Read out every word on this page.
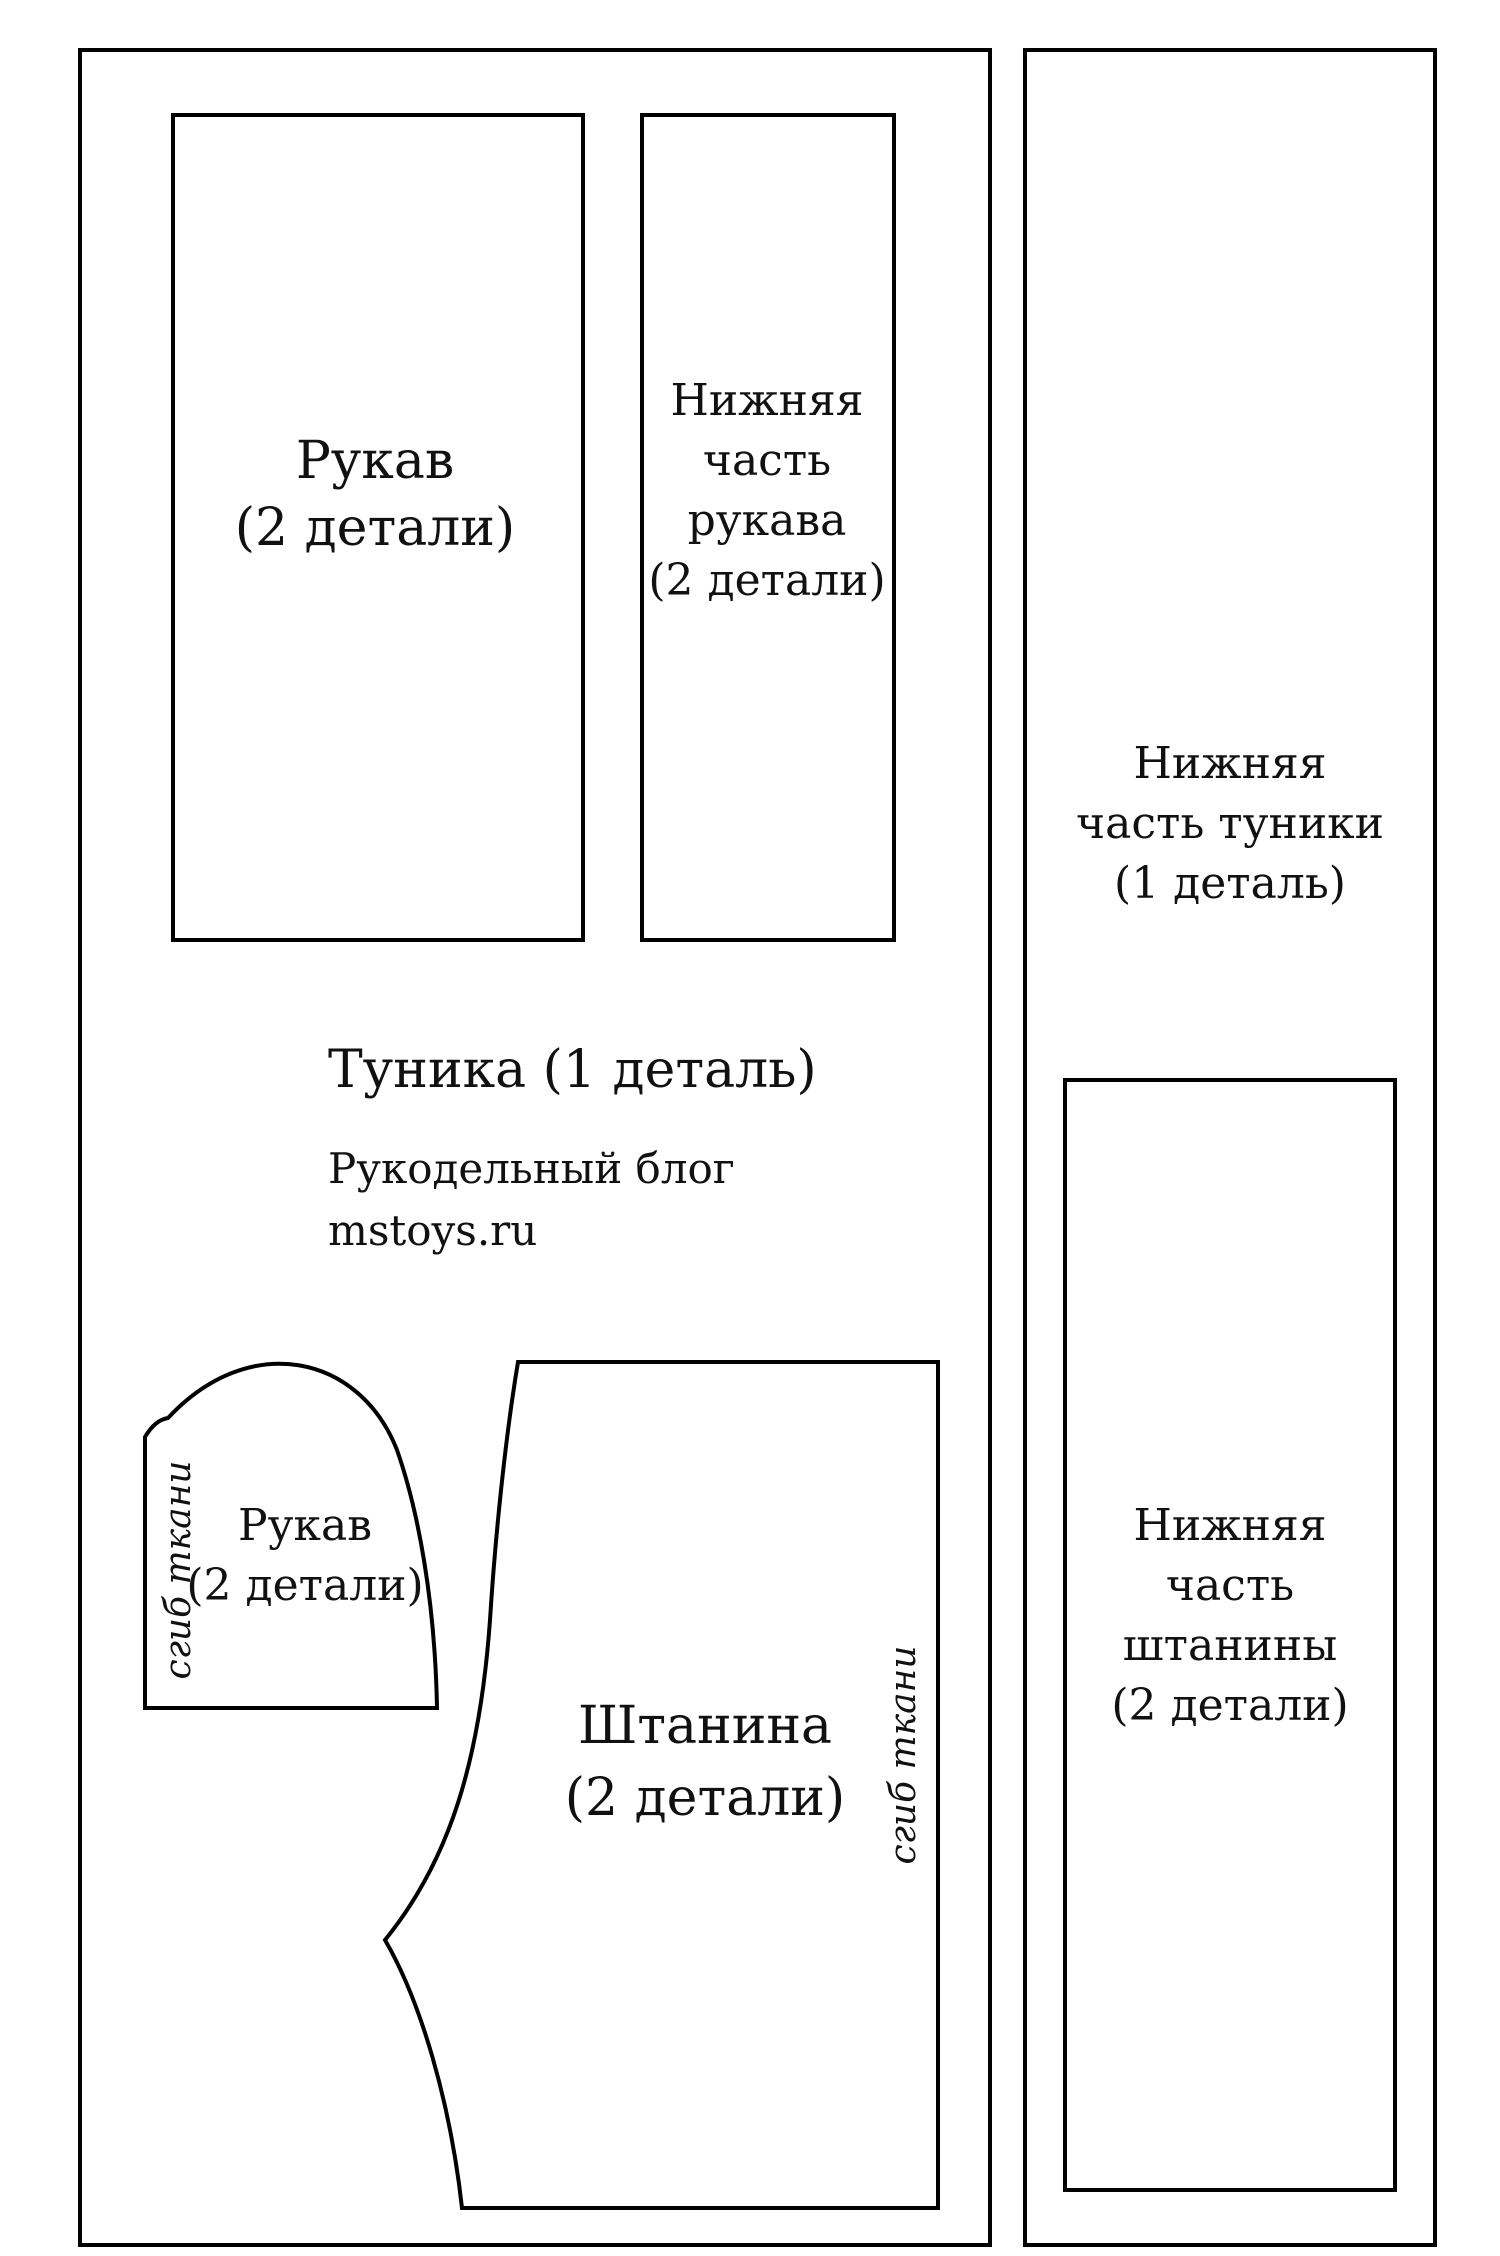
Рукав
(2 детали)
Нижняя
часть
рукава
(2 детали)
Туника (1 деталь)
Рукодельный блог
mstoys.ru
Рукав
(2 детали)
сгиб ткани
Штанина
(2 детали) сгиб ткани
Нижняя
часть туники
(1 деталь)
Нижняя
часть
штанины
(2 детали)
